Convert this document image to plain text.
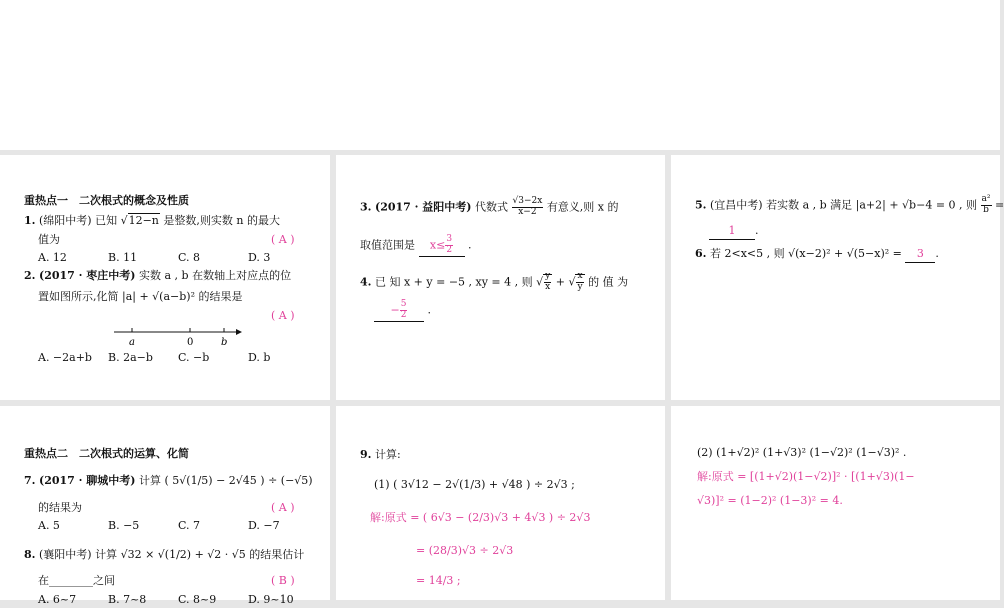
重热点一　二次根式的概念及性质
1. (绵阳中考) 已知 √12−n 是整数,则实数 n 的最大
值为	( A )
A. 12	B. 11	C. 8	D. 3
2. (2017 · 枣庄中考) 实数 a , b 在数轴上对应点的位
置如图所示,化简 |a| + √(a−b)² 的结果是
( A )
a	0	b
A. −2a+b B. 2a−b C. −b	D. b
3. (2017 · 益阳中考) 代数式 $\frac{√3-2x}{x-2}$ 有意义,则 x 的
取值范围是 $x\le \frac{3}{2}$ .
4. 已 知 x + y = −5 , xy = 4 , 则 √ $\frac{y}{x}$ + √ $\frac{x}{y}$ 的 值 为
− $\frac{5}{2}$ .
5. (宜昌中考) 若实数 a , b 满足 |a+2| + √b−4 = 0 , 则 $\frac{\text{a²}}{b}$ =
1 .
6. 若 2<x<5 , 则 √(x−2)² + √(5−x)² = 3 .
重热点二　二次根式的运算、化简
7. (2017 · 聊城中考) 计算 ( 5√(1/5) − 2√45 ) ÷ (−√5)
的结果为	( A )
A. 5	B. −5	C. 7	D. −7
8. (襄阳中考) 计算 √32 × √(1/2) + √2 · √5 的结果估计
在________之间	( B )
A. 6~7	B. 7~8	C. 8~9	D. 9~10
9. 计算:
(1) ( 3√12 − 2√(1/3) + √48 ) ÷ 2√3 ;
解:原式 = ( 6√3 − (2/3)√3 + 4√3 ) ÷ 2√3
= (28/3)√3 ÷ 2√3
= 14/3 ;
(2) (1+√2)² (1+√3)² (1−√2)² (1−√3)² .
解:原式 = [(1+√2)(1−√2)]² · [(1+√3)(1−
√3)]² = (1−2)² (1−3)² = 4.
